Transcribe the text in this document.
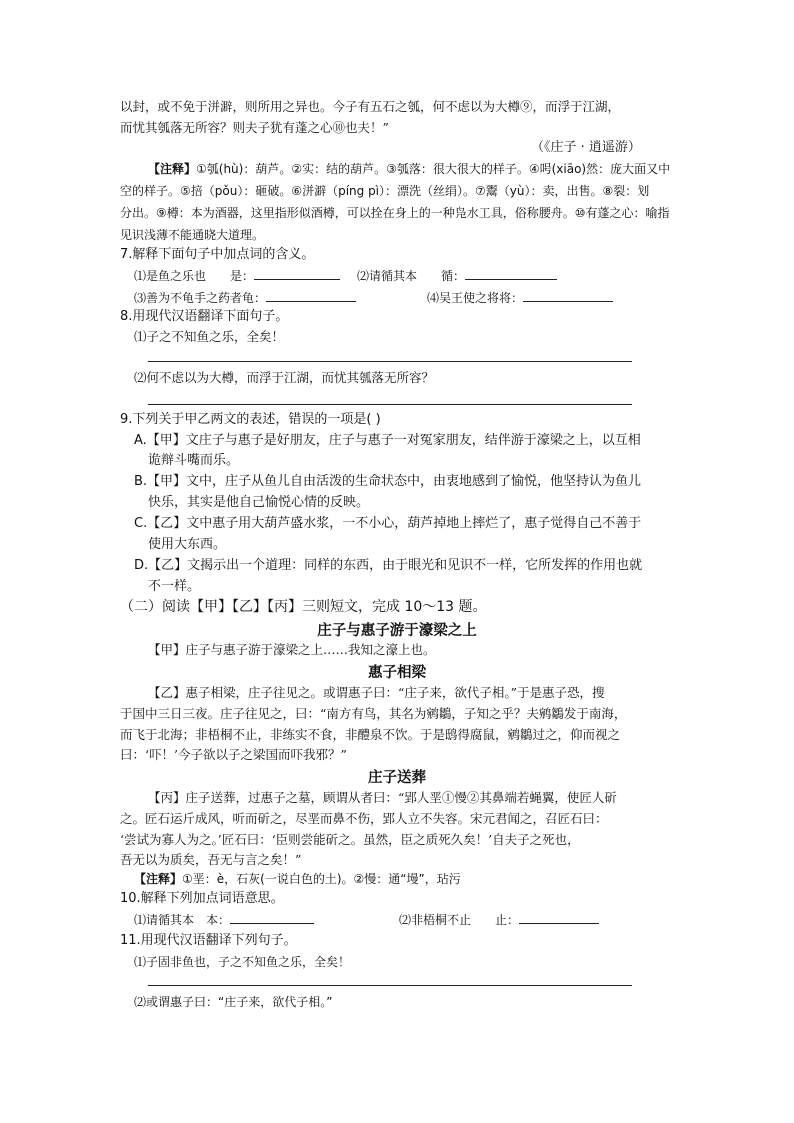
以封，或不免于洴澼，则所用之异也。今子有五石之瓠，何不虑以为大樽⑨，而浮于江湖，
而忧其瓠落无所容？则夫子犹有蓬之心⑩也夫！”
（《庄子 · 逍遥游）
【注释】①瓠(hù)：葫芦。②实：结的葫芦。③瓠落：很大很大的样子。④呺(xiāo)然：庞大面又中
空的样子。⑤掊（pǒu）：砸破。⑥洴澼（píng pì）：漂洗（丝绢）。⑦鬻（yù）：卖，出售。⑧裂：划
分出。⑨樽：本为酒器，这里指形似酒樽，可以拴在身上的一种凫水工具，俗称腰舟。⑩有蓬之心：喻指
见识浅薄不能通晓大道理。
7.解释下面句子中加点词的含义。
⑴是鱼之乐也　　是：	⑵请循其本　　循：
⑶善为不龟手之药者龟：	⑷吴王使之将将：
8.用现代汉语翻译下面句子。
⑴子之不知鱼之乐，全矣！
⑵何不虑以为大樽，而浮于江湖，而忧其瓠落无所容？
9.下列关于甲乙两文的表述，错误的一项是( )
A.【甲】文庄子与惠子是好朋友，庄子与惠子一对冤家朋友，结伴游于濠梁之上，以互相
诡辩斗嘴而乐。
B.【甲】文中，庄子从鱼儿自由活泼的生命状态中，由衷地感到了愉悦，他坚持认为鱼儿
快乐，其实是他自己愉悦心情的反映。
C.【乙】文中惠子用大葫芦盛水浆，一不小心，葫芦掉地上摔烂了，惠子觉得自己不善于
使用大东西。
D.【乙】文揭示出一个道理：同样的东西，由于眼光和见识不一样，它所发挥的作用也就
不一样。
（二）阅读【甲】【乙】【丙】三则短文，完成 10～13 题。
庄子与惠子游于濠梁之上
【甲】庄子与惠子游于濠梁之上……我知之濠上也。
惠子相梁
【乙】惠子相梁，庄子往见之。或谓惠子曰：“庄子来，欲代子相。”于是惠子恐，搜
于国中三日三夜。庄子往见之，曰：“南方有鸟，其名为鹓鶵，子知之乎？夫鹓鶵发于南海，
而飞于北海；非梧桐不止，非练实不食，非醴泉不饮。于是鸱得腐鼠，鹓鶵过之，仰而视之
曰：‘吓！’今子欲以子之梁国而吓我邪？”
庄子送葬
【丙】庄子送葬，过惠子之墓，顾谓从者曰：“郢人垩①慢②其鼻端若蝇翼，使匠人斫
之。匠石运斤成风，听而斫之，尽垩而鼻不伤，郢人立不失容。宋元君闻之，召匠石曰：
‘尝试为寡人为之。’匠石曰：‘臣则尝能斫之。虽然，臣之质死久矣！’自夫子之死也，
吾无以为质矣，吾无与言之矣！”
【注释】①垩：è，石灰(一说白色的土)。②慢：通“墁”，玷污
10.解释下列加点词语意思。
⑴请循其本　本：	⑵非梧桐不止　　止：
11.用现代汉语翻译下列句子。
⑴子固非鱼也，子之不知鱼之乐，全矣！
⑵或谓惠子曰：“庄子来，欲代子相。”
